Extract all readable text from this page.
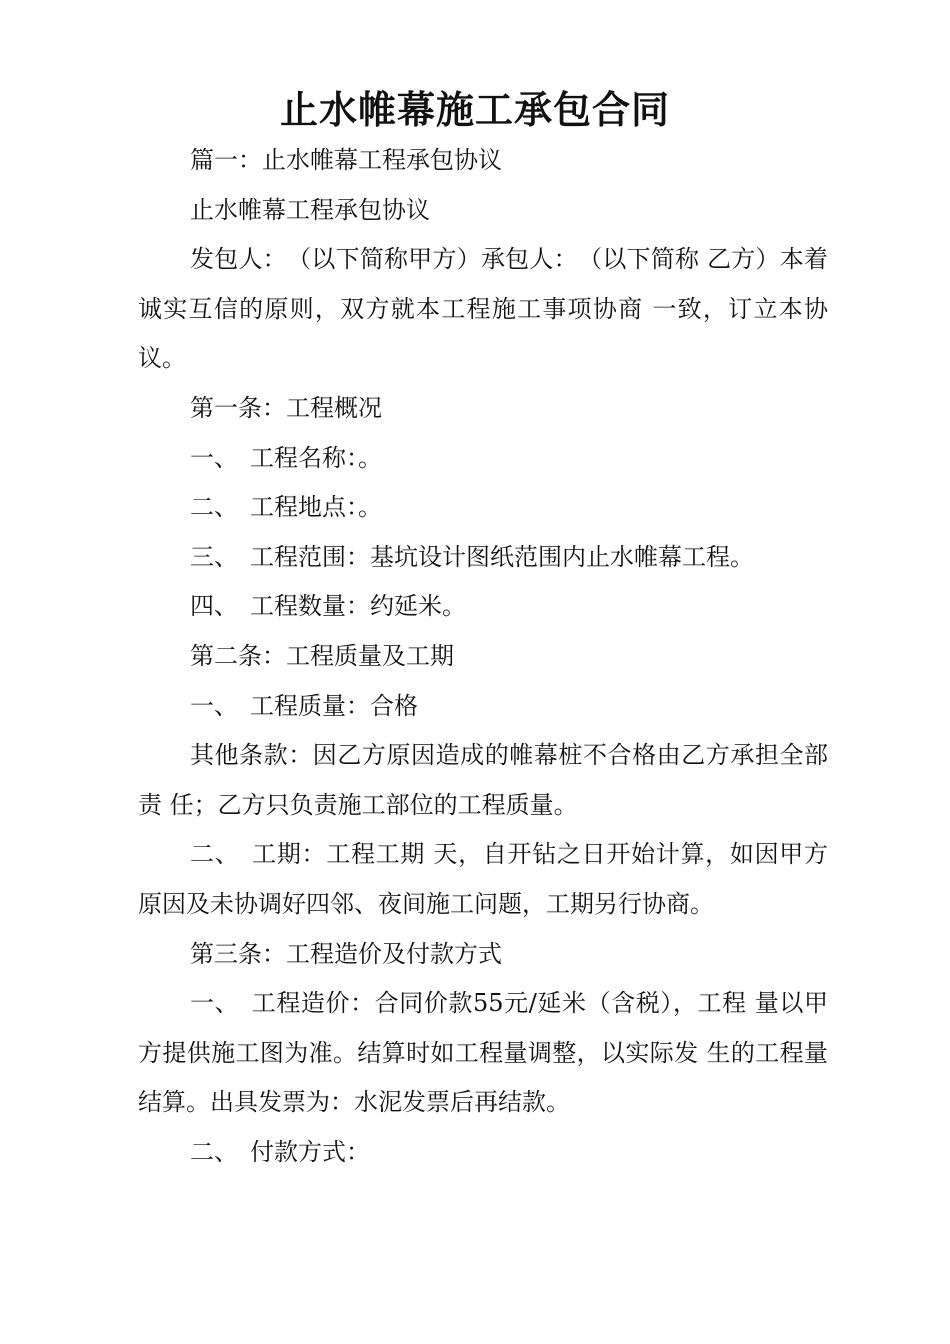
止水帷幕施工承包合同

篇一：止水帷幕工程承包协议

止水帷幕工程承包协议

发包人：　（以下简称甲方）承包人：　（以下简称 乙方）本着诚实互信的原则，双方就本工程施工事项协商 一致，订立本协议。

第一条：工程概况

一、　工程名称：。

二、　工程地点：。

三、　工程范围：基坑设计图纸范围内止水帷幕工程。

四、　工程数量：约延米。

第二条：工程质量及工期

一、　工程质量：合格

其他条款：因乙方原因造成的帷幕桩不合格由乙方承担全部责 任；乙方只负责施工部位的工程质量。

二、　工期：工程工期 天，自开钻之日开始计算，如因甲方原因及未协调好四邻、夜间施工问题，工期另行协商。

第三条：工程造价及付款方式

一、　工程造价：合同价款55元/延米（含税），工程 量以甲方提供施工图为准。结算时如工程量调整，以实际发 生的工程量结算。出具发票为：水泥发票后再结款。

二、　付款方式：
